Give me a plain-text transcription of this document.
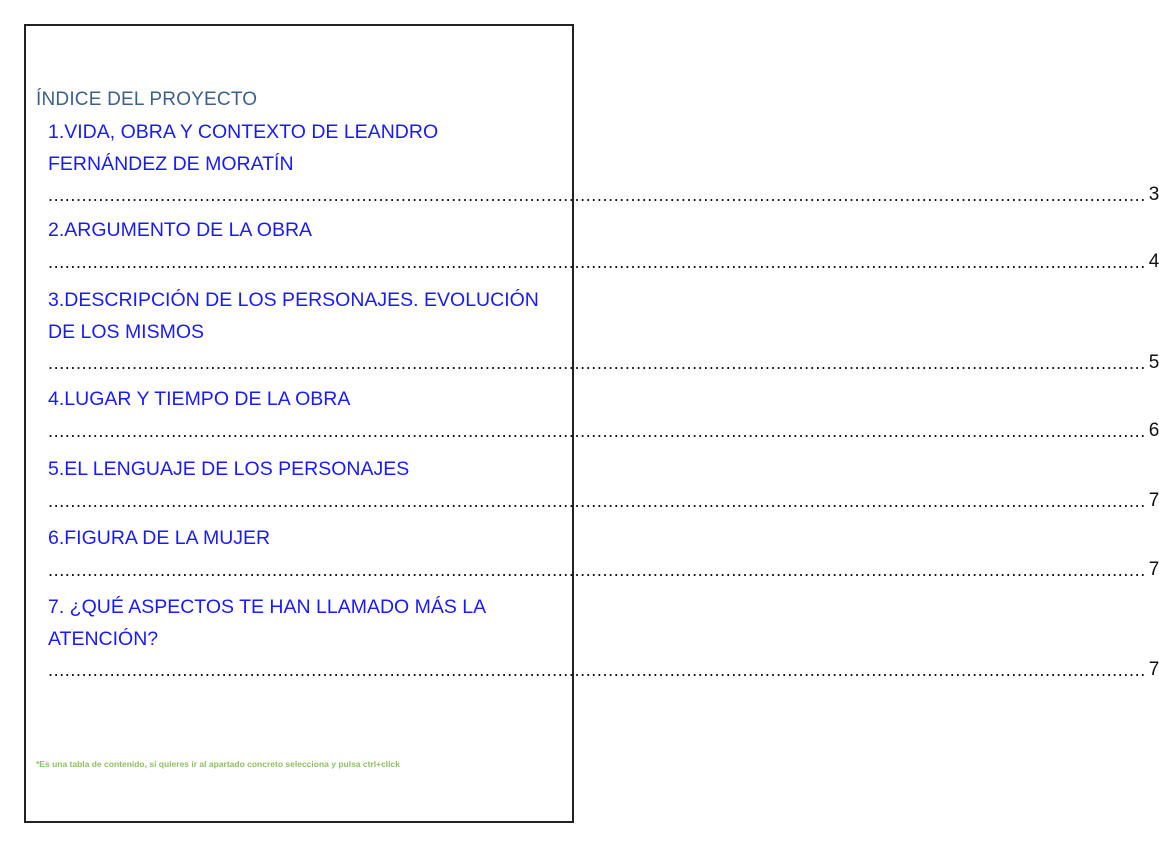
ÍNDICE DEL PROYECTO
1.VIDA, OBRA Y CONTEXTO DE LEANDRO
FERNÁNDEZ DE MORATÍN
.................................................................................................................................................................................................... 3
2.ARGUMENTO DE LA OBRA
.................................................................................................................................................................................................... 4
3.DESCRIPCIÓN DE LOS PERSONAJES. EVOLUCIÓN
DE LOS MISMOS
.................................................................................................................................................................................................... 5
4.LUGAR Y TIEMPO DE LA OBRA
.................................................................................................................................................................................................... 6
5.EL LENGUAJE DE LOS PERSONAJES
.................................................................................................................................................................................................... 7
6.FIGURA DE LA MUJER
.................................................................................................................................................................................................... 7
7. ¿QUÉ ASPECTOS TE HAN LLAMADO MÁS LA
ATENCIÓN?
.................................................................................................................................................................................................... 7
*Es una tabla de contenido, si quieres ir al apartado concreto selecciona y pulsa ctrl+click
